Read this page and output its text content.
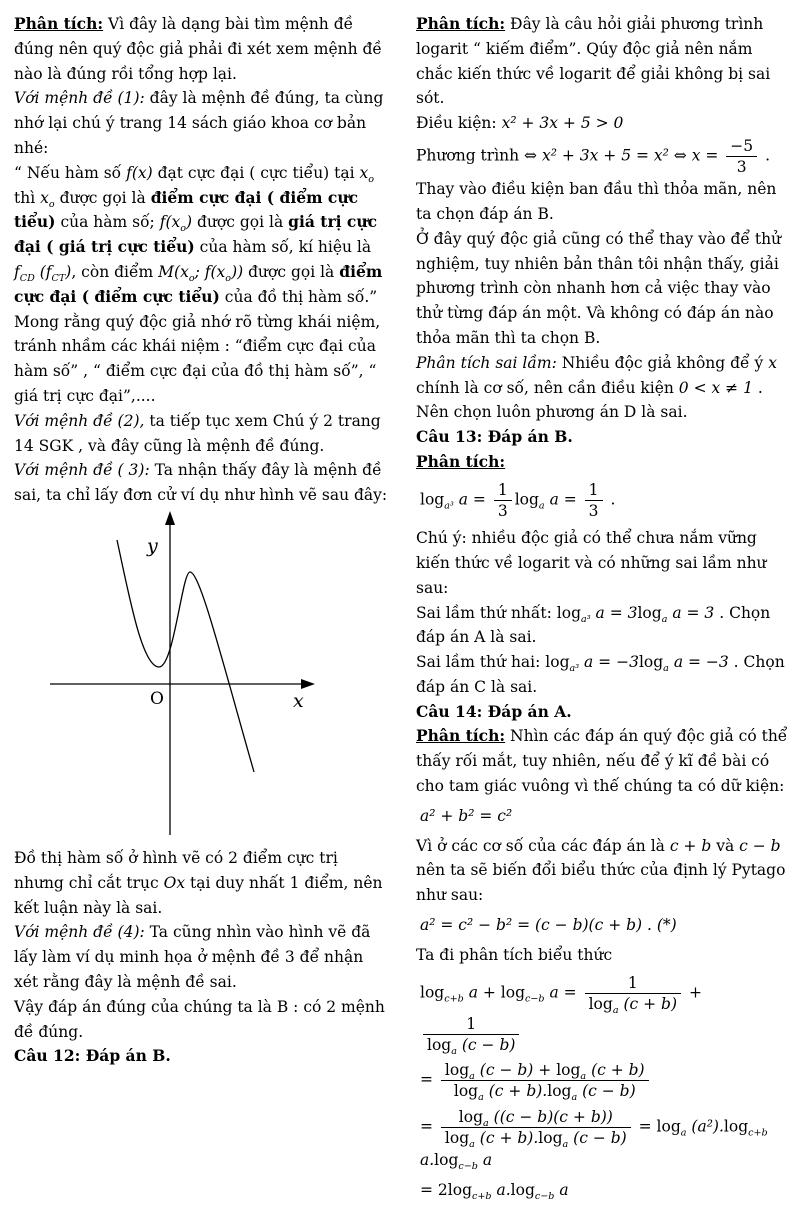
Phân tích: Vì đây là dạng bài tìm mệnh đề đúng nên quý độc giả phải đi xét xem mệnh đề nào là đúng rồi tổng hợp lại.

Với mệnh đề (1): đây là mệnh đề đúng, ta cùng nhớ lại chú ý trang 14 sách giáo khoa cơ bản nhé:

“ Nếu hàm số f(x) đạt cực đại ( cực tiểu) tại $x_o$ thì $x_o$ được gọi là điểm cực đại ( điểm cực tiểu) của hàm số; $f(x_o)$ được gọi là giá trị cực đại ( giá trị cực tiểu) của hàm số, kí hiệu là $f_{CD}$ $(f_{CT})$, còn điểm $M(x_o$; $f(x_o)$) được gọi là điểm cực đại ( điểm cực tiểu) của đồ thị hàm số.” Mong rằng quý độc giả nhớ rõ từng khái niệm, tránh nhầm các khái niệm : “điểm cực đại của hàm số” , “ điểm cực đại của đồ thị hàm số”, “ giá trị cực đại”,....

Với mệnh đề (2), ta tiếp tục xem Chú ý 2 trang 14 SGK , và đây cũng là mệnh đề đúng.

Với mệnh đề ( 3): Ta nhận thấy đây là mệnh đề sai, ta chỉ lấy đơn cử ví dụ như hình vẽ sau đây:

y
x
O

Đồ thị hàm số ở hình vẽ có 2 điểm cực trị nhưng chỉ cắt trục Ox tại duy nhất 1 điểm, nên kết luận này là sai.

Với mệnh đề (4): Ta cũng nhìn vào hình vẽ đã lấy làm ví dụ minh họa ở mệnh đề 3 để nhận xét rằng đây là mệnh đề sai.

Vậy đáp án đúng của chúng ta là B : có 2 mệnh đề đúng.

Câu 12: Đáp án B.

Phân tích: Đây là câu hỏi giải phương trình logarit “ kiếm điểm”. Qúy độc giả nên nắm chắc kiến thức về logarit để giải không bị sai sót.

Điều kiện: x² + 3x + 5 > 0

Phương trình ⇔ x² + 3x + 5 = x² ⇔ $x = \frac{-5}{3}$ . Thay vào điều kiện ban đầu thì thỏa mãn, nên ta chọn đáp án B.

Ở đây quý độc giả cũng có thể thay vào để thử nghiệm, tuy nhiên bản thân tôi nhận thấy, giải phương trình còn nhanh hơn cả việc thay vào thử từng đáp án một. Và không có đáp án nào thỏa mãn thì ta chọn B.

Phân tích sai lầm: Nhiều độc giả không để ý x chính là cơ số, nên cần điều kiện 0 < x ≠ 1 . Nên chọn luôn phương án D là sai.

Câu 13: Đáp án B.

Phân tích:

$\log_{a^3} a = \frac{1}{3} \log_a a = \frac{1}{3}$ .

Chú ý: nhiều độc giả có thể chưa nắm vững kiến thức về logarit và có những sai lầm như sau:

Sai lầm thứ nhất: $\log_{a^3} a = 3\log_a$ a = 3 . Chọn đáp án A là sai.

Sai lầm thứ hai: $\log_{a^3} a = -3\log_a$ a = −3 . Chọn đáp án C là sai.

Câu 14: Đáp án A.

Phân tích: Nhìn các đáp án quý độc giả có thể thấy rối mắt, tuy nhiên, nếu để ý kĩ đề bài có cho tam giác vuông vì thế chúng ta có dữ kiện:

a² + b² = c²

Vì ở các cơ số của các đáp án là c + b và c − b nên ta sẽ biến đổi biểu thức của định lý Pytago như sau:

a² = c² − b² = (c − b)(c + b) . (*)

Ta đi phân tích biểu thức

$\log_{c+b} a + \log_{c-b} a = \frac{1}{\log_a (c + b)}$ +
$\frac{1}{\log_a (c - b)}$

= $\frac{\log_a (c - b) + \log_a (c + b)}{\log_a (c + b).\log_a (c - b)}$

= $\frac{\log_a ((c - b)(c + b))}{\log_a (c + b).\log_a (c - b)} = \log_a (a^2).\log_{c+b}$ $a.\log_{c-b}$ a

= $2\log_{c+b}$ $a.\log_{c-b}$ a
